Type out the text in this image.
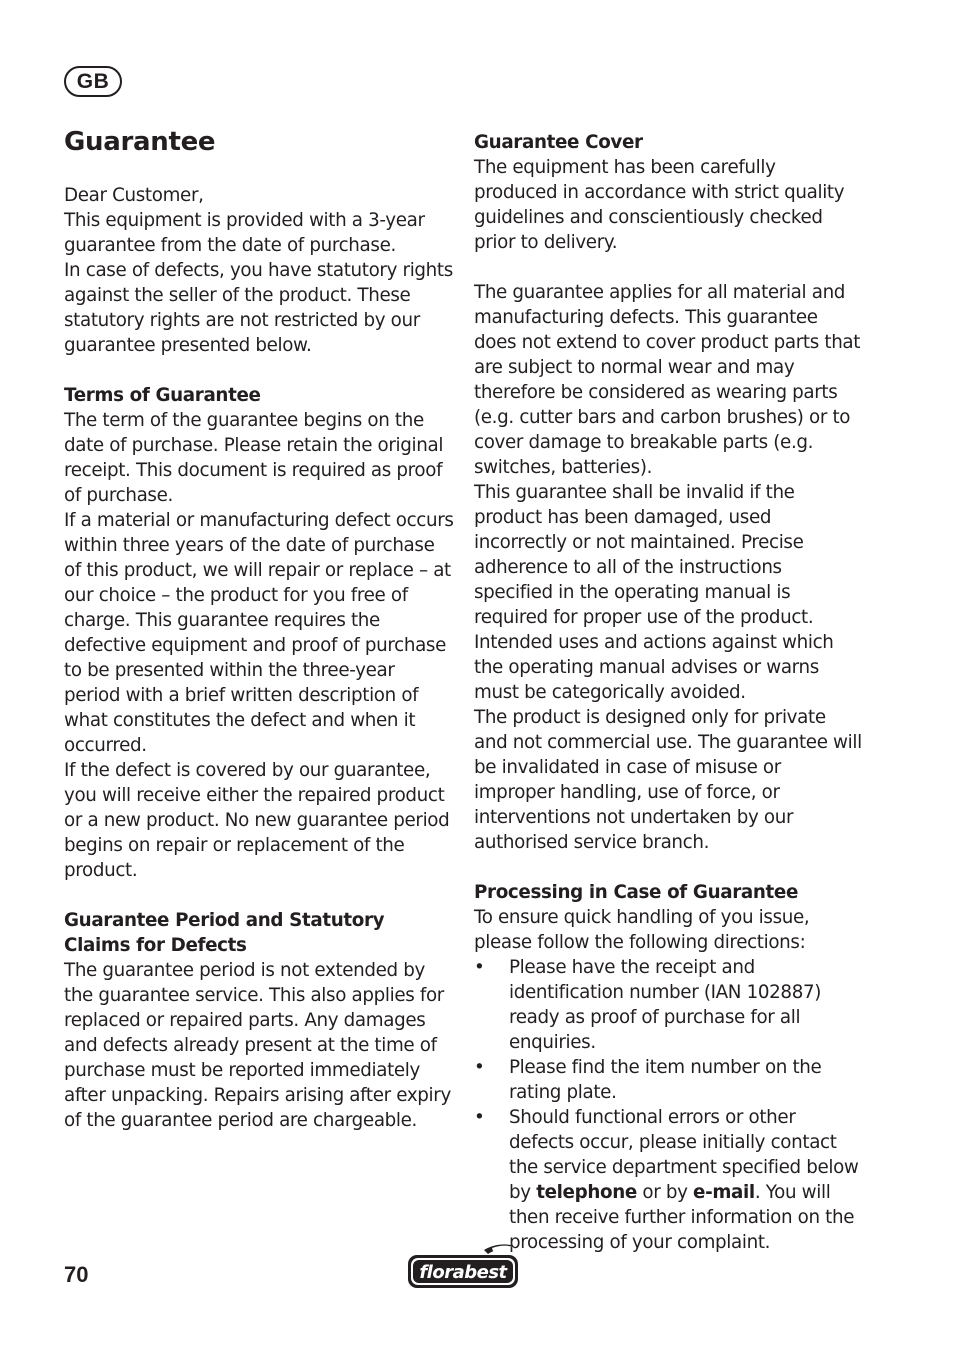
GB
Guarantee

Dear Customer,

This equipment is provided with a 3-year guarantee from the date of purchase.

In case of defects, you have statutory rights against the seller of the product. These statutory rights are not restricted by our guarantee presented below.

Terms of Guarantee

The term of the guarantee begins on the date of purchase. Please retain the original receipt. This document is required as proof of purchase.

If a material or manufacturing defect occurs within three years of the date of purchase of this product, we will repair or replace – at our choice – the product for you free of charge. This guarantee requires the defective equipment and proof of purchase to be presented within the three-year period with a brief written description of what constitutes the defect and when it occurred.

If the defect is covered by our guarantee, you will receive either the repaired product or a new product. No new guarantee period begins on repair or replacement of the product.

Guarantee Period and Statutory Claims for Defects

The guarantee period is not extended by the guarantee service. This also applies for replaced or repaired parts. Any damages and defects already present at the time of purchase must be reported immediately after unpacking. Repairs arising after expiry of the guarantee period are chargeable.

Guarantee Cover

The equipment has been carefully produced in accordance with strict quality guidelines and conscientiously checked prior to delivery.

The guarantee applies for all material and manufacturing defects. This guarantee does not extend to cover product parts that are subject to normal wear and may therefore be considered as wearing parts (e.g. cutter bars and carbon brushes) or to cover damage to breakable parts (e.g. switches, batteries).

This guarantee shall be invalid if the product has been damaged, used incorrectly or not maintained. Precise adherence to all of the instructions specified in the operating manual is required for proper use of the product. Intended uses and actions against which the operating manual advises or warns must be categorically avoided.

The product is designed only for private and not commercial use. The guarantee will be invalidated in case of misuse or improper handling, use of force, or interventions not undertaken by our authorised service branch.

Processing in Case of Guarantee

To ensure quick handling of you issue, please follow the following directions:

• Please have the receipt and identification number (IAN 102887) ready as proof of purchase for all enquiries.
• Please find the item number on the rating plate.
• Should functional errors or other defects occur, please initially contact the service department specified below by telephone or by e-mail. You will then receive further information on the processing of your complaint.
70	florabest
